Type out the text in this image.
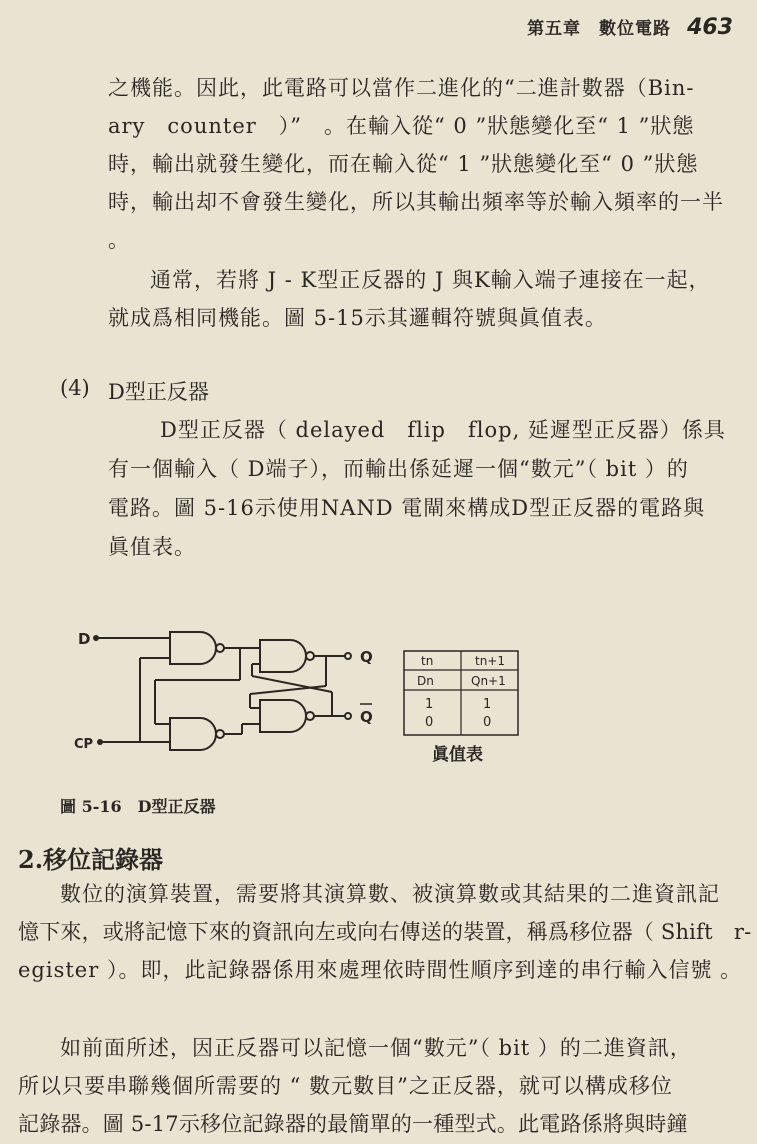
第五章　數位電路 463
之機能。因此，此電路可以當作二進化的“二進計數器（Bin-
ary　counter　）”　。在輸入從“ 0 ”狀態變化至“ 1 ”狀態
時，輸出就發生變化，而在輸入從“ 1 ”狀態變化至“ 0 ”狀態
時，輸出却不會發生變化，所以其輸出頻率等於輸入頻率的一半
。
通常，若將 J - K型正反器的 J 與K輸入端子連接在一起，
就成爲相同機能。圖 5-15示其邏輯符號與眞值表。
(4) D型正反器
D型正反器（ delayed　flip　flop, 延遲型正反器）係具
有一個輸入（ D端子），而輸出係延遲一個“數元”（ bit ）的
電路。圖 5-16示使用NAND 電閘來構成D型正反器的電路與
眞值表。
D
CP
Q
Q
tn	tn+1
Dn	Qn+1
1	1
0	0
眞值表
圖 5-16　D型正反器
2.移位記錄器
數位的演算裝置，需要將其演算數、被演算數或其結果的二進資訊記
憶下來，或將記憶下來的資訊向左或向右傳送的裝置，稱爲移位器（ Shift　r-
egister ）。即，此記錄器係用來處理依時間性順序到達的串行輸入信號 。
如前面所述，因正反器可以記憶一個“數元”（ bit ）的二進資訊，
所以只要串聯幾個所需要的 “ 數元數目”之正反器，就可以構成移位
記錄器。圖 5-17示移位記錄器的最簡單的一種型式。此電路係將與時鐘
